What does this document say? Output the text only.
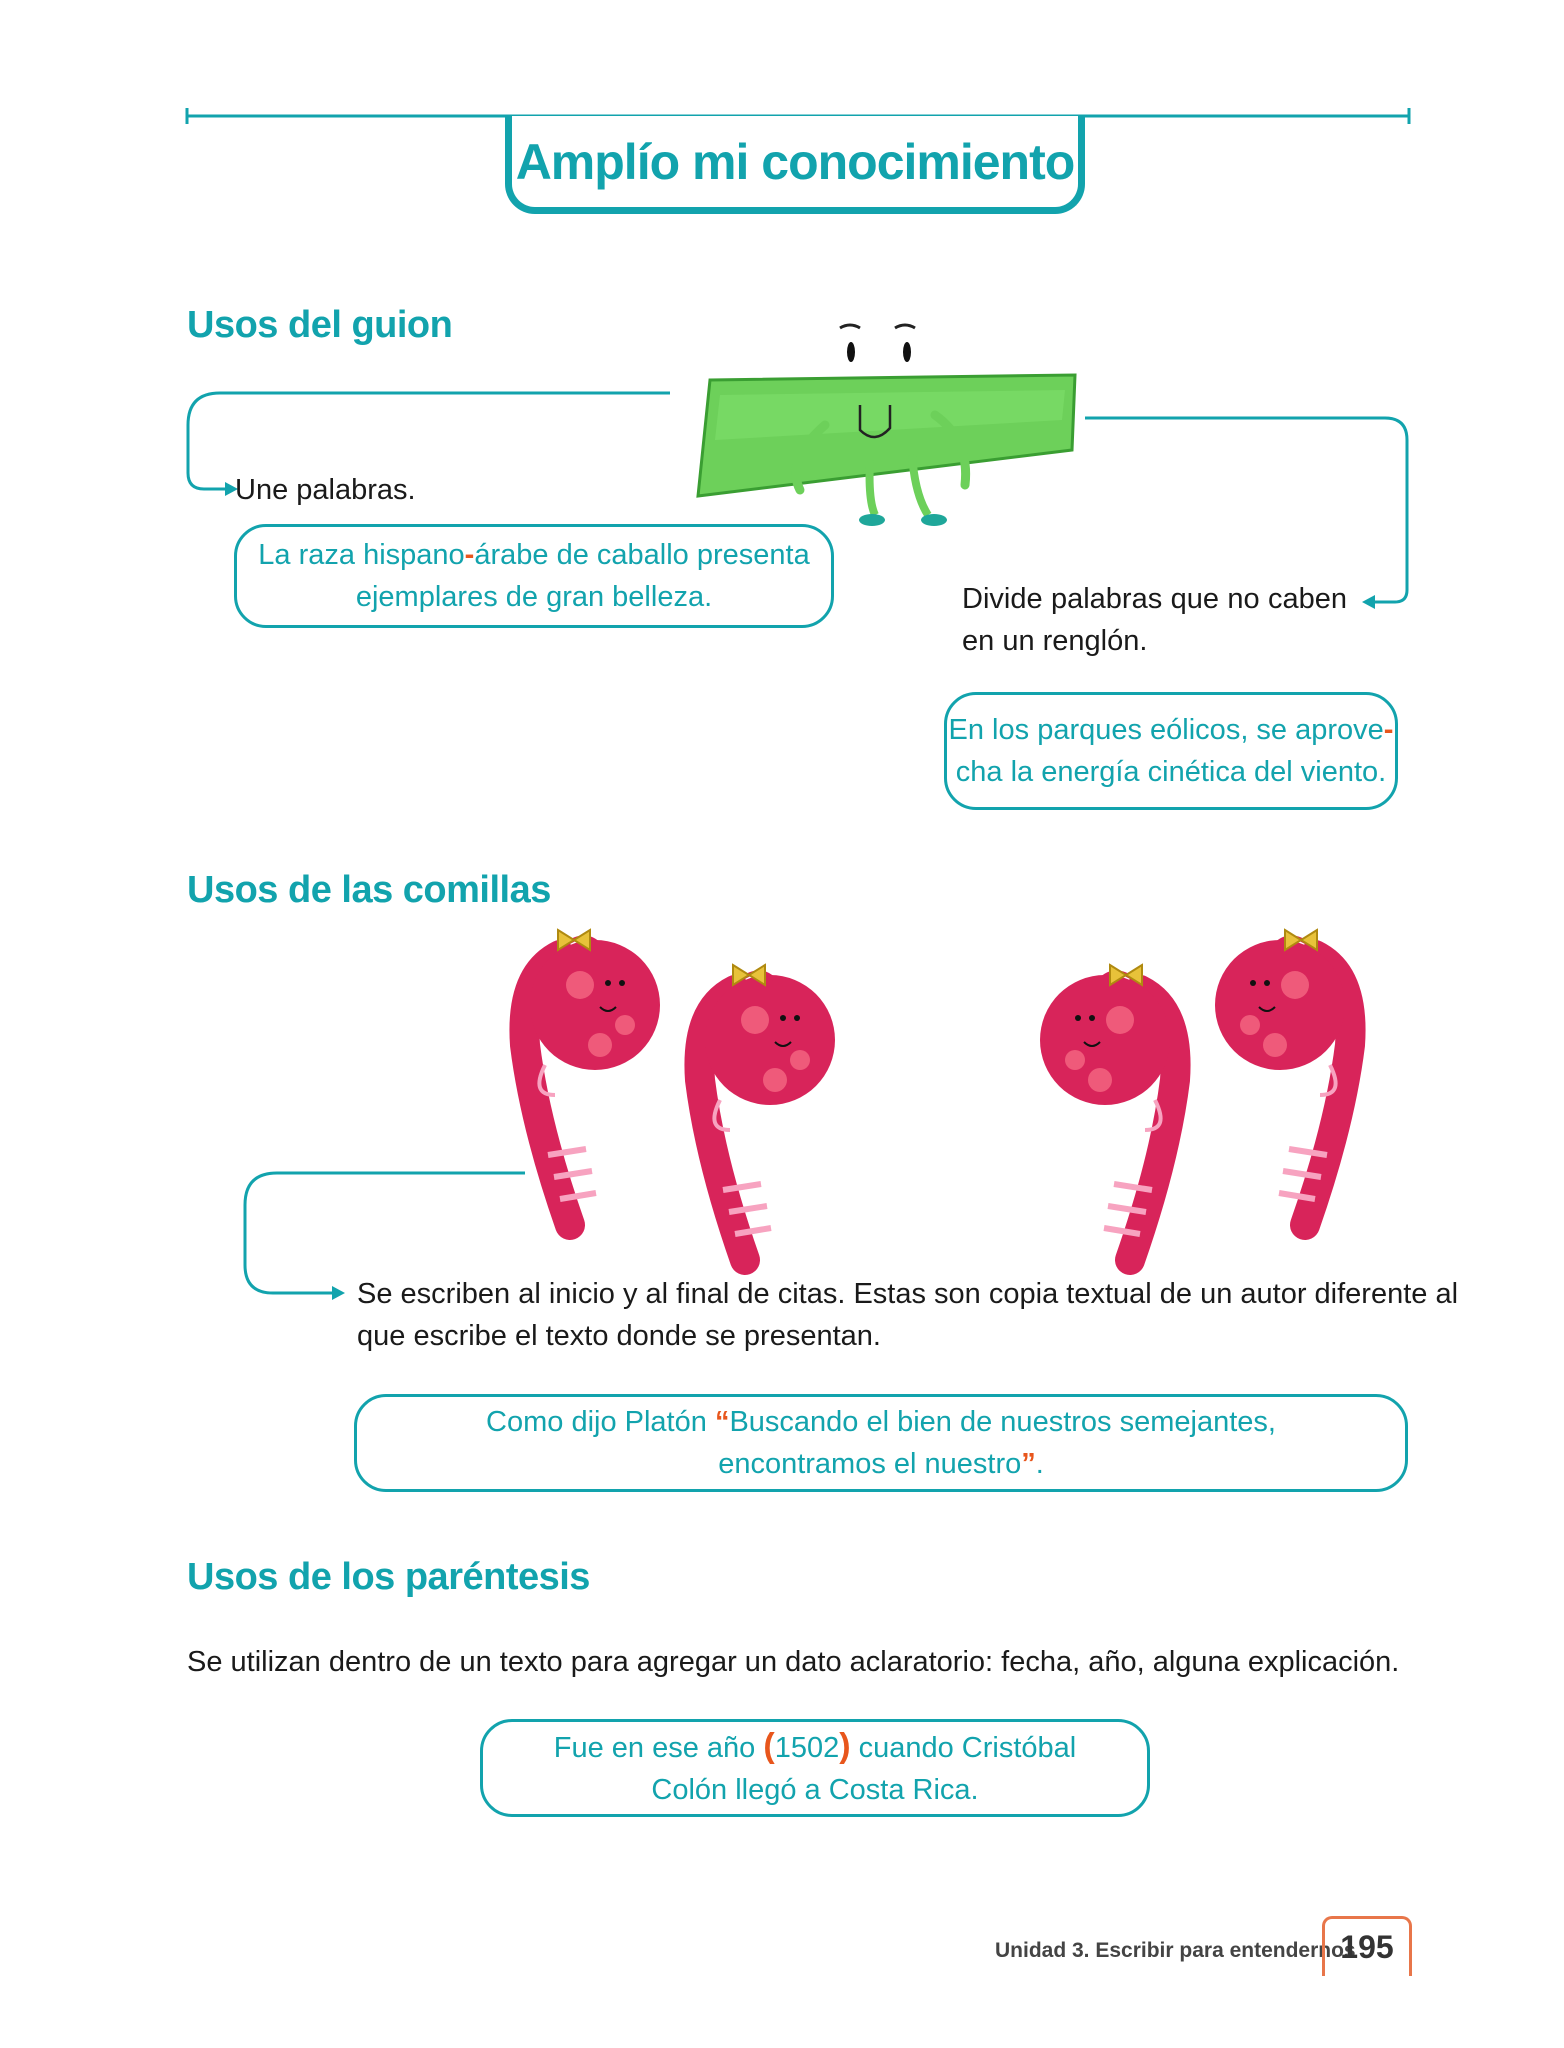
Amplío mi conocimiento
Usos del guion
Une palabras.
La raza hispano-árabe de caballo presenta
ejemplares de gran belleza.	Divide palabras que no caben
en un renglón.
En los parques eólicos, se aprove-
cha la energía cinética del viento.
Usos de las comillas
Se escriben al inicio y al final de citas. Estas son copia textual de un autor diferente al
que escribe el texto donde se presentan.
Como dijo Platón “Buscando el bien de nuestros semejantes,
encontramos el nuestro”.
Usos de los paréntesis
Se utilizan dentro de un texto para agregar un dato aclaratorio: fecha, año, alguna explicación.
Fue en ese año (1502) cuando Cristóbal
Colón llegó a Costa Rica.
Unidad 3. Escribir para entendernos
195
